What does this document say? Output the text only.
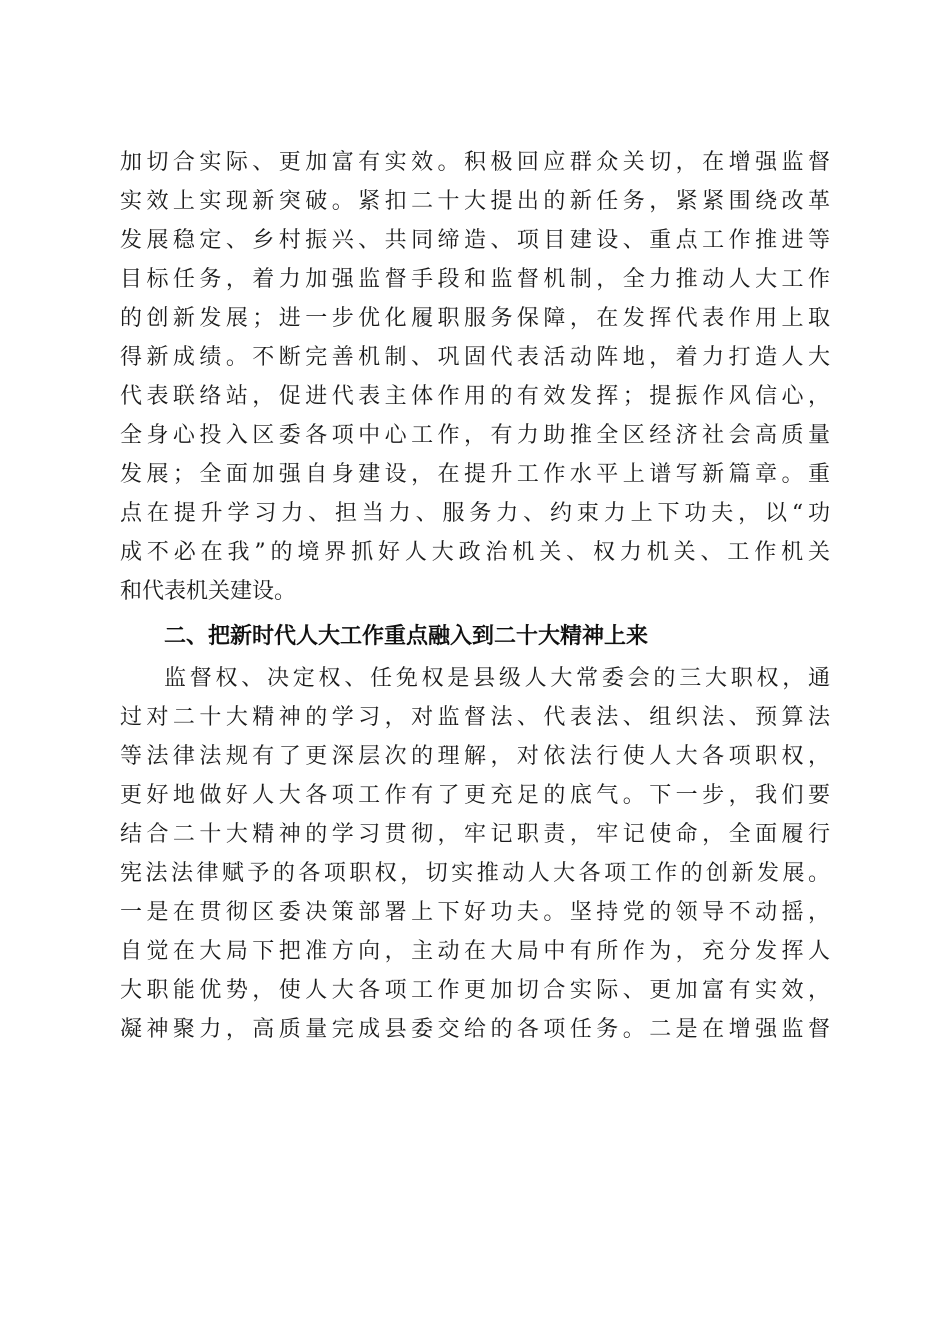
加切合实际、更加富有实效。积极回应群众关切，在增强监督
实效上实现新突破。紧扣二十大提出的新任务，紧紧围绕改革
发展稳定、乡村振兴、共同缔造、项目建设、重点工作推进等
目标任务，着力加强监督手段和监督机制，全力推动人大工作
的创新发展；进一步优化履职服务保障，在发挥代表作用上取
得新成绩。不断完善机制、巩固代表活动阵地，着力打造人大
代表联络站，促进代表主体作用的有效发挥；提振作风信心，
全身心投入区委各项中心工作，有力助推全区经济社会高质量
发展；全面加强自身建设，在提升工作水平上谱写新篇章。重
点在提升学习力、担当力、服务力、约束力上下功夫，以“功
成不必在我”的境界抓好人大政治机关、权力机关、工作机关
和代表机关建设。
二、把新时代人大工作重点融入到二十大精神上来
监督权、决定权、任免权是县级人大常委会的三大职权，通
过对二十大精神的学习，对监督法、代表法、组织法、预算法
等法律法规有了更深层次的理解，对依法行使人大各项职权，
更好地做好人大各项工作有了更充足的底气。下一步，我们要
结合二十大精神的学习贯彻，牢记职责，牢记使命，全面履行
宪法法律赋予的各项职权，切实推动人大各项工作的创新发展。
一是在贯彻区委决策部署上下好功夫。坚持党的领导不动摇，
自觉在大局下把准方向，主动在大局中有所作为，充分发挥人
大职能优势，使人大各项工作更加切合实际、更加富有实效，
凝神聚力，高质量完成县委交给的各项任务。二是在增强监督
